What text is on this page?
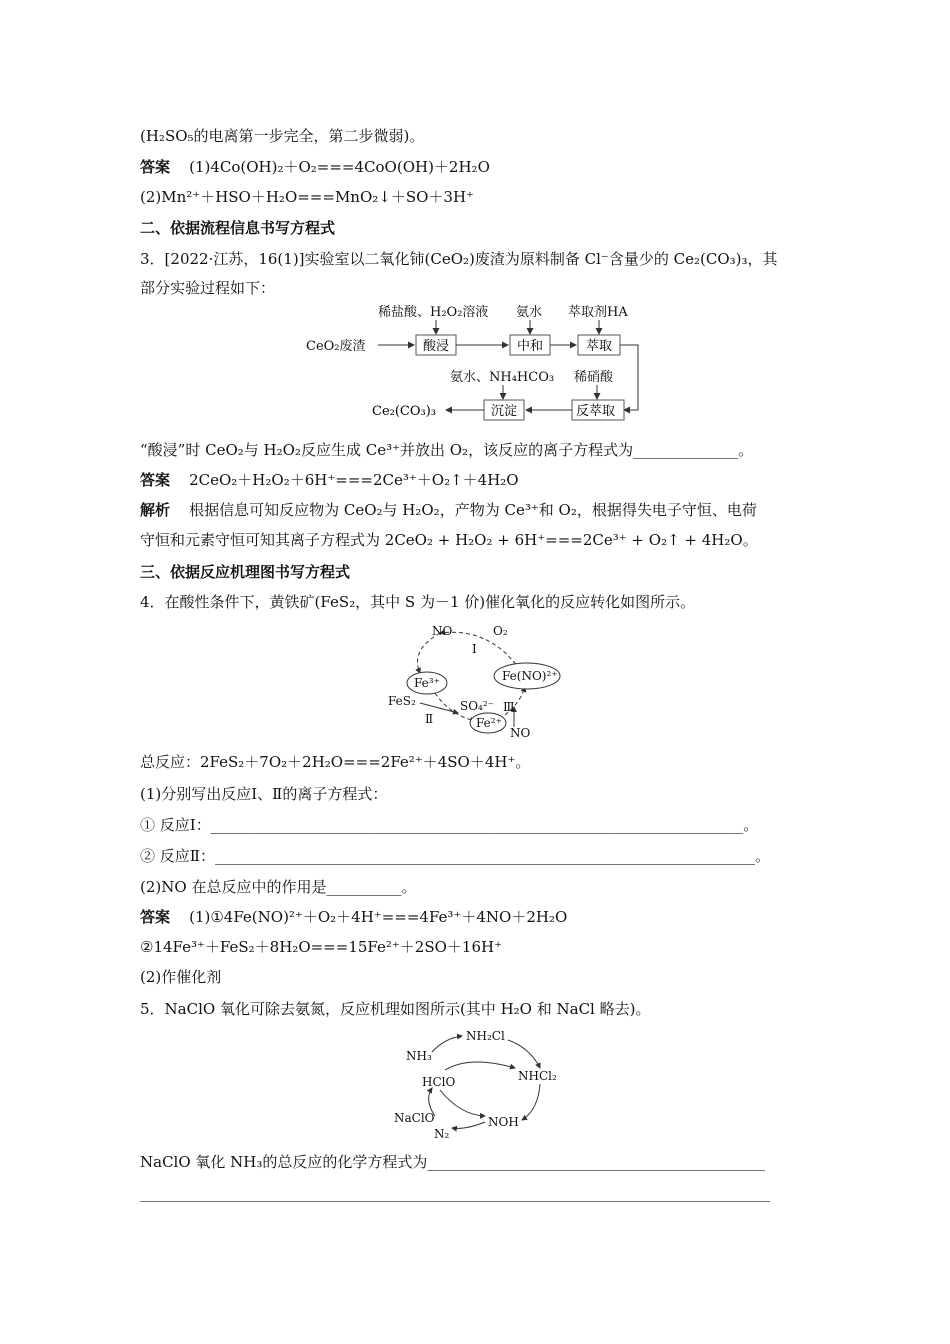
(H₂SO₅的电离第一步完全，第二步微弱)。
答案 (1)4Co(OH)₂＋O₂===4CoO(OH)＋2H₂O
(2)Mn²⁺＋HSO＋H₂O===MnO₂↓＋SO＋3H⁺
二、依据流程信息书写方程式
3．[2022·江苏，16(1)]实验室以二氧化铈(CeO₂)废渣为原料制备 Cl⁻含量少的 Ce₂(CO₃)₃，其
部分实验过程如下：
稀盐酸、H₂O₂溶液 氨水 萃取剂HA
CeO₂废渣	酸浸	中和	萃取
氨水、NH₄HCO₃ 稀硝酸
反萃取
沉淀
Ce₂(CO₃)₃
“酸浸”时 CeO₂与 H₂O₂反应生成 Ce³⁺并放出 O₂，该反应的离子方程式为______________。
答案 2CeO₂＋H₂O₂＋6H⁺===2Ce³⁺＋O₂↑＋4H₂O
解析 根据信息可知反应物为 CeO₂与 H₂O₂，产物为 Ce³⁺和 O₂，根据得失电子守恒、电荷
守恒和元素守恒可知其离子方程式为 2CeO₂ + H₂O₂ + 6H⁺===2Ce³⁺ + O₂↑ + 4H₂O。
三、依据反应机理图书写方程式
4．在酸性条件下，黄铁矿(FeS₂，其中 S 为－1 价)催化氧化的反应转化如图所示。
NO	O₂
Ⅰ
Fe³⁺	Fe(NO)²⁺
FeS₂	SO₄²⁻
Ⅱ	Fe²⁺
Ⅲ
NO
总反应：2FeS₂＋7O₂＋2H₂O===2Fe²⁺＋4SO＋4H⁺。
(1)分别写出反应Ⅰ、Ⅱ的离子方程式：
① 反应Ⅰ：_______________________________________________________________________。
② 反应Ⅱ：________________________________________________________________________。
(2)NO 在总反应中的作用是__________。
答案 (1)①4Fe(NO)²⁺＋O₂＋4H⁺===4Fe³⁺＋4NO＋2H₂O
②14Fe³⁺＋FeS₂＋8H₂O===15Fe²⁺＋2SO＋16H⁺
(2)作催化剂
5．NaClO 氧化可除去氨氮，反应机理如图所示(其中 H₂O 和 NaCl 略去)。
NH₂Cl
NH₃
NHCl₂
HClO
NaClO	NOH
N₂
NaClO 氧化 NH₃的总反应的化学方程式为_____________________________________________
____________________________________________________________________________________
